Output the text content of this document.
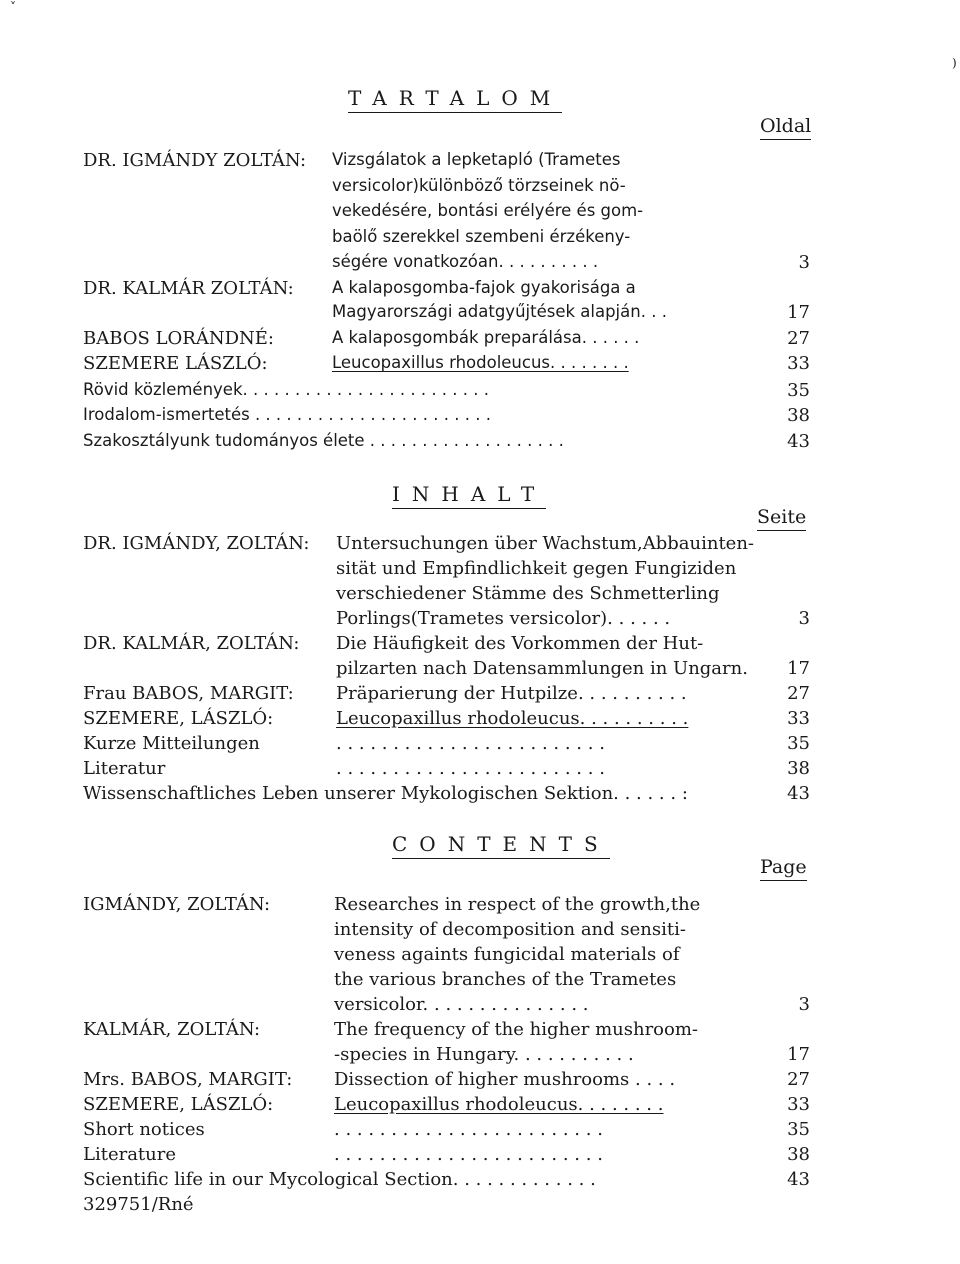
˅
)
TARTALOM
Oldal
DR. IGMÁNDY ZOLTÁN: Vizsgálatok a lepketapló (Trametes
versicolor)különböző törzseinek nö-
vekedésére, bontási erélyére és gom-
baölő szerekkel szembeni érzékeny-
ségére vonatkozóan. . . . . . . . . .	3
DR. KALMÁR ZOLTÁN: A kalaposgomba-fajok gyakorisága a
Magyarországi adatgyűjtések alapján. . .	17
BABOS LORÁNDNÉ:	A kalaposgombák preparálása. . . . . .	27
SZEMERE LÁSZLÓ:	Leucopaxillus rhodoleucus. . . . . . . .	33
Rövid közlemények. . . . . . . . . . . . . . . . . . . . . . . .	35
Irodalom-ismertetés . . . . . . . . . . . . . . . . . . . . . . .	38
Szakosztályunk tudományos élete . . . . . . . . . . . . . . . . . . .	43
INHALT
Seite
DR. IGMÁNDY, ZOLTÁN: Untersuchungen über Wachstum,Abbauinten-
sität und Empfindlichkeit gegen Fungiziden
verschiedener Stämme des Schmetterling
Porlings(Trametes versicolor). . . . . .	3
DR. KALMÁR, ZOLTÁN: Die Häufigkeit des Vorkommen der Hut-
pilzarten nach Datensammlungen in Ungarn. 17
Frau BABOS, MARGIT: Präparierung der Hutpilze. . . . . . . . . .	27
SZEMERE, LÁSZLÓ:	Leucopaxillus rhodoleucus. . . . . . . . . .	33
Kurze Mitteilungen	. . . . . . . . . . . . . . . . . . . . . . . .	35
Literatur	. . . . . . . . . . . . . . . . . . . . . . . .	38
Wissenschaftliches Leben unserer Mykologischen Sektion. . . . . . :	43
CONTENTS
Page
IGMÁNDY, ZOLTÁN:	Researches in respect of the growth,the
intensity of decomposition and sensiti-
veness againts fungicidal materials of
the various branches of the Trametes
versicolor. . . . . . . . . . . . . . .	3
KALMÁR, ZOLTÁN:	The frequency of the higher mushroom-
-species in Hungary. . . . . . . . . . .	17
Mrs. BABOS, MARGIT: Dissection of higher mushrooms . . . .	27
SZEMERE, LÁSZLÓ:	Leucopaxillus rhodoleucus. . . . . . . .	33
Short notices	. . . . . . . . . . . . . . . . . . . . . . . .	35
Literature	. . . . . . . . . . . . . . . . . . . . . . . .	38
Scientific life in our Mycological Section. . . . . . . . . . . . .	43
329751/Rné
